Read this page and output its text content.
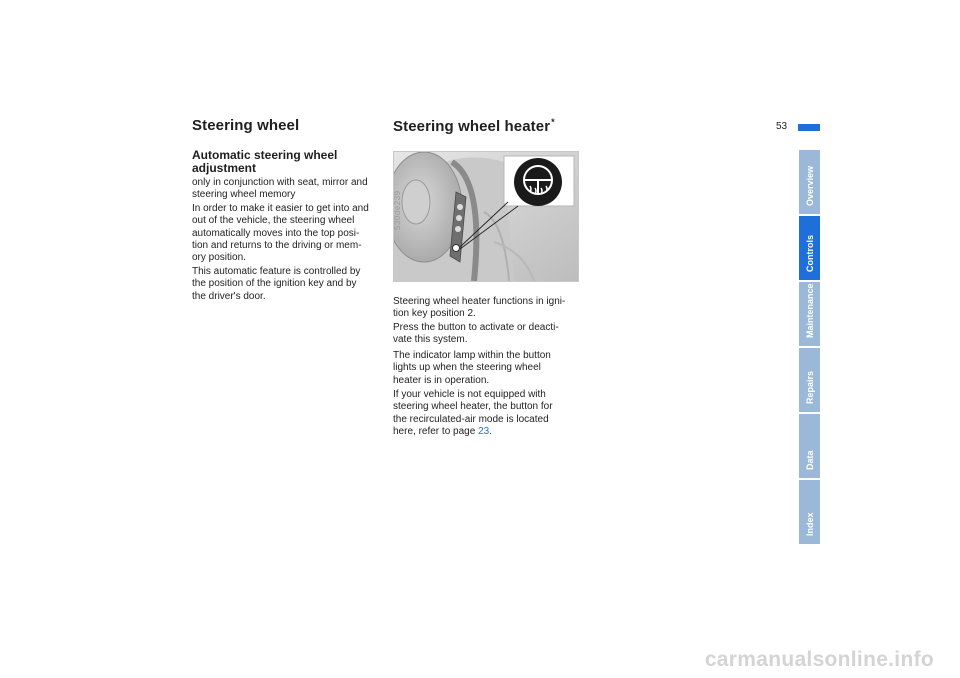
53
Steering wheel
Automatic steering wheel adjustment
only in conjunction with seat, mirror and
steering wheel memory
In order to make it easier to get into and
out of the vehicle, the steering wheel
automatically moves into the top posi-
tion and returns to the driving or mem-
ory position.
This automatic feature is controlled by
the position of the ignition key and by
the driver's door.
Steering wheel heater*
530de239
Steering wheel heater functions in igni-
tion key position 2.
Press the button to activate or deacti-
vate this system.
The indicator lamp within the button
lights up when the steering wheel
heater is in operation.
If your vehicle is not equipped with
steering wheel heater, the button for
the recirculated-air mode is located
here, refer to page 23.
Overview
Controls
Maintenance
Repairs
Data
Index
carmanualsonline.info
